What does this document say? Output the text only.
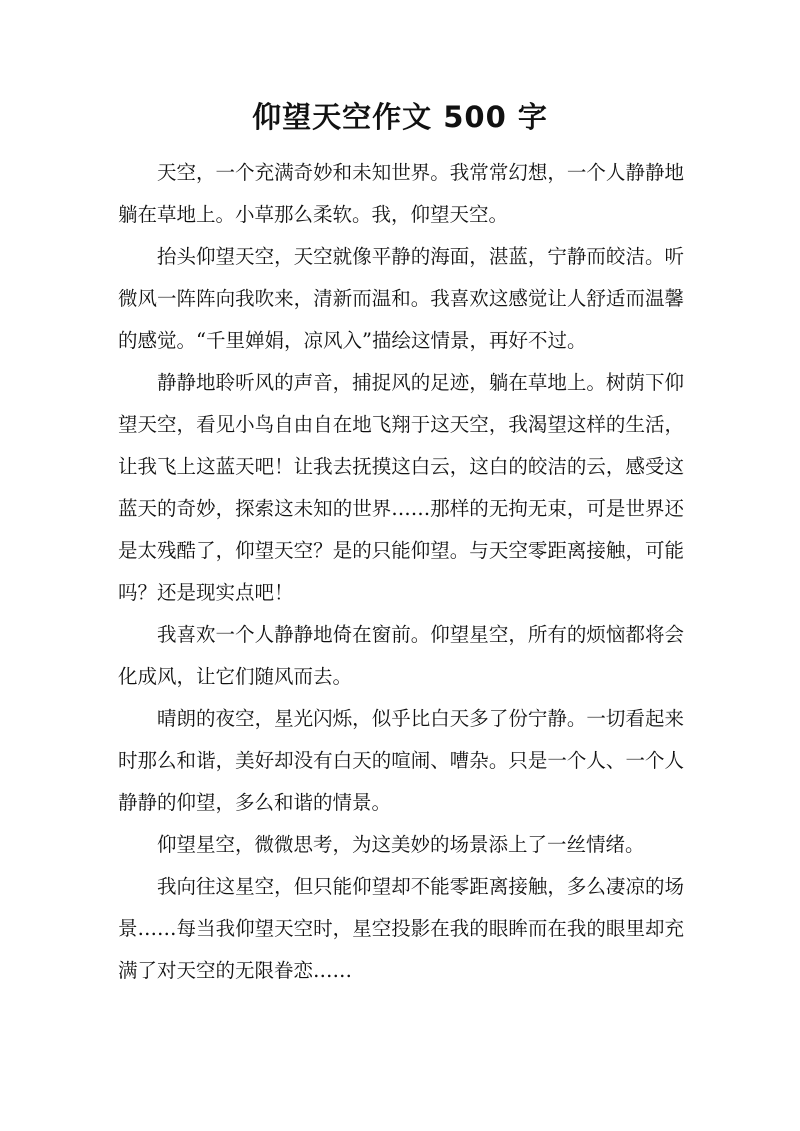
仰望天空作文 500 字

天空，一个充满奇妙和未知世界。我常常幻想，一个人静静地躺在草地上。小草那么柔软。我，仰望天空。

抬头仰望天空，天空就像平静的海面，湛蓝，宁静而皎洁。听微风一阵阵向我吹来，清新而温和。我喜欢这感觉让人舒适而温馨的感觉。“千里婵娟，凉风入”描绘这情景，再好不过。

静静地聆听风的声音，捕捉风的足迹，躺在草地上。树荫下仰望天空，看见小鸟自由自在地飞翔于这天空，我渴望这样的生活，让我飞上这蓝天吧！让我去抚摸这白云，这白的皎洁的云，感受这蓝天的奇妙，探索这未知的世界……那样的无拘无束，可是世界还是太残酷了，仰望天空？是的只能仰望。与天空零距离接触，可能吗？还是现实点吧！

我喜欢一个人静静地倚在窗前。仰望星空，所有的烦恼都将会化成风，让它们随风而去。

晴朗的夜空，星光闪烁，似乎比白天多了份宁静。一切看起来时那么和谐，美好却没有白天的喧闹、嘈杂。只是一个人、一个人静静的仰望，多么和谐的情景。

仰望星空，微微思考，为这美妙的场景添上了一丝情绪。

我向往这星空，但只能仰望却不能零距离接触，多么凄凉的场景……每当我仰望天空时，星空投影在我的眼眸而在我的眼里却充满了对天空的无限眷恋……
